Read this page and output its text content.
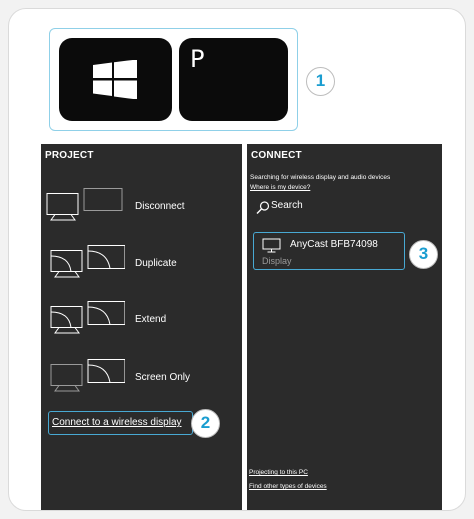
P
1
PROJECT
Disconnect
Duplicate
Extend
Screen Only
Connect to a wireless display	2
CONNECT
Searching for wireless display and audio devices
Where is my device?
Search
AnyCast BFB74098
Display
Projecting to this PC
Find other types of devices
3
